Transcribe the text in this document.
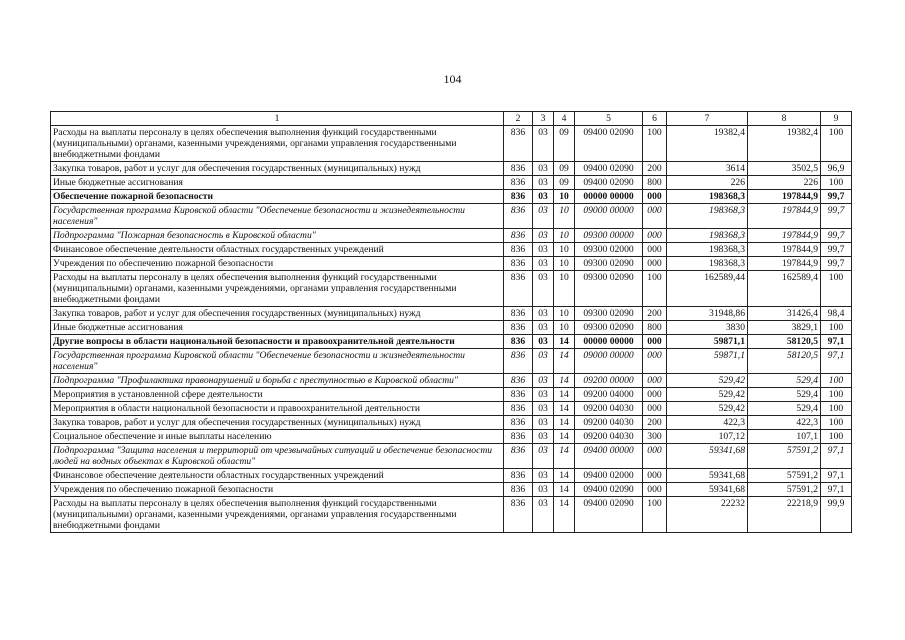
104
1	2	3	4	5	6	7	8	9
Расходы на выплаты персоналу в целях обеспечения выполнения функций государственными (муниципальными) органами, казенными учреждениями, органами управления государственными внебюджетными фондами	836	03	09	09400 02090	100	19382,4	19382,4	100
Закупка товаров, работ и услуг для обеспечения государственных (муниципальных) нужд	836	03	09	09400 02090	200	3614	3502,5	96,9
Иные бюджетные ассигнования	836	03	09	09400 02090	800	226	226	100
Обеспечение пожарной безопасности	836	03	10	00000 00000	000	198368,3	197844,9	99,7
Государственная программа Кировской области "Обеспечение безопасности и жизнедеятельности населения"	836	03	10	09000 00000	000	198368,3	197844,9	99,7
Подпрограмма "Пожарная безопасность в Кировской области"	836	03	10	09300 00000	000	198368,3	197844,9	99,7
Финансовое обеспечение деятельности областных государственных учреждений	836	03	10	09300 02000	000	198368,3	197844,9	99,7
Учреждения по обеспечению пожарной безопасности	836	03	10	09300 02090	000	198368,3	197844,9	99,7
Расходы на выплаты персоналу в целях обеспечения выполнения функций государственными (муниципальными) органами, казенными учреждениями, органами управления государственными внебюджетными фондами	836	03	10	09300 02090	100	162589,44	162589,4	100
Закупка товаров, работ и услуг для обеспечения государственных (муниципальных) нужд	836	03	10	09300 02090	200	31948,86	31426,4	98,4
Иные бюджетные ассигнования	836	03	10	09300 02090	800	3830	3829,1	100
Другие вопросы в области национальной безопасности и правоохранительной деятельности	836	03	14	00000 00000	000	59871,1	58120,5	97,1
Государственная программа Кировской области "Обеспечение безопасности и жизнедеятельности населения"	836	03	14	09000 00000	000	59871,1	58120,5	97,1
Подпрограмма "Профилактика правонарушений и борьба с преступностью в Кировской области"	836	03	14	09200 00000	000	529,42	529,4	100
Мероприятия в установленной сфере деятельности	836	03	14	09200 04000	000	529,42	529,4	100
Мероприятия в области национальной безопасности и правоохранительной деятельности	836	03	14	09200 04030	000	529,42	529,4	100
Закупка товаров, работ и услуг для обеспечения государственных (муниципальных) нужд	836	03	14	09200 04030	200	422,3	422,3	100
Социальное обеспечение и иные выплаты населению	836	03	14	09200 04030	300	107,12	107,1	100
Подпрограмма "Защита населения и территорий от чрезвычайных ситуаций и обеспечение безопасности людей на водных объектах в Кировской области"	836	03	14	09400 00000	000	59341,68	57591,2	97,1
Финансовое обеспечение деятельности областных государственных учреждений	836	03	14	09400 02000	000	59341,68	57591,2	97,1
Учреждения по обеспечению пожарной безопасности	836	03	14	09400 02090	000	59341,68	57591,2	97,1
Расходы на выплаты персоналу в целях обеспечения выполнения функций государственными (муниципальными) органами, казенными учреждениями, органами управления государственными внебюджетными фондами	836	03	14	09400 02090	100	22232	22218,9	99,9
